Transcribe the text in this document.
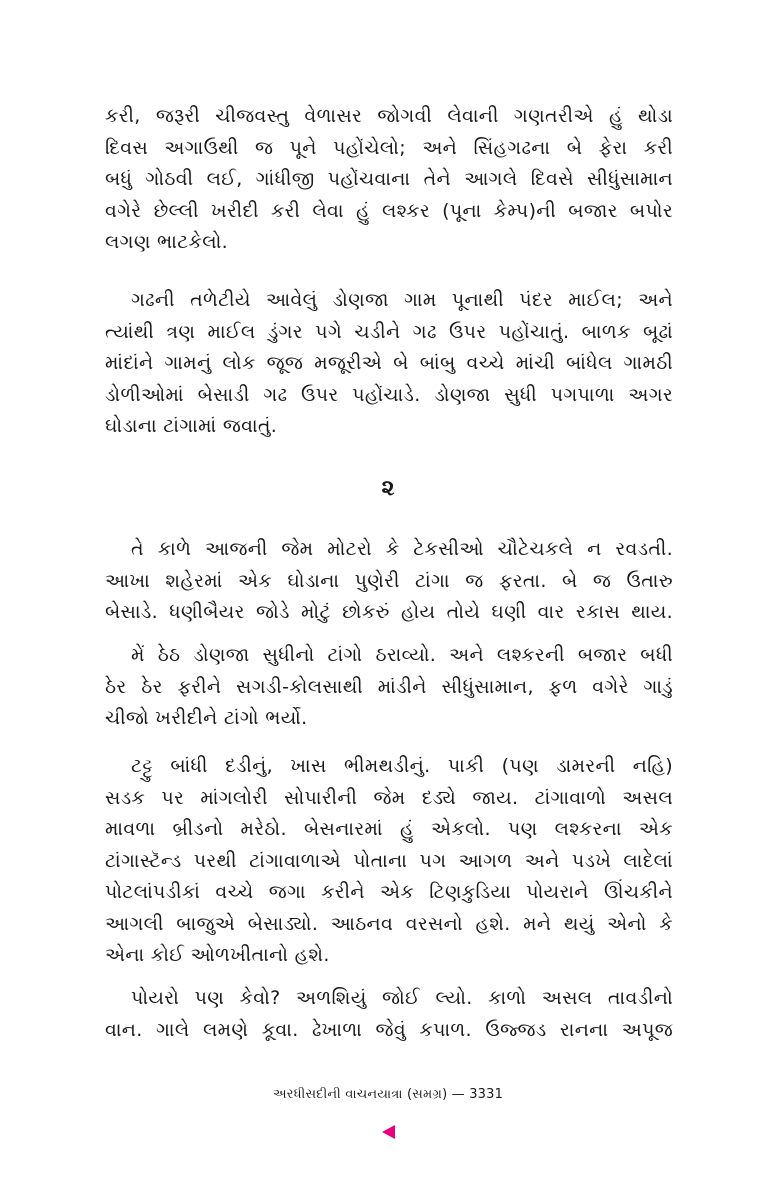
કરી, જરૂરી ચીજવસ્તુ વેળાસર જોગવી લેવાની ગણતરીએ હું થોડા
દિવસ અગાઉથી જ પૂને પહોંચેલો; અને સિંહગઢના બે ફેરા કરી
બધું ગોઠવી લઈ, ગાંધીજી પહોંચવાના તેને આગલે દિવસે સીધુંસામાન
વગેરે છેલ્લી ખરીદી કરી લેવા હું લશ્કર (પૂના કેમ્પ)ની બજાર બપોર
લગણ ભાટકેલો.
ગઢની તળેટીયે આવેલું ડોણજા ગામ પૂનાથી પંદર માઈલ; અને
ત્યાંથી ત્રણ માઈલ ડુંગર પગે ચડીને ગઢ ઉપર પહોંચાતું. બાળક બૂઢાં
માંદાંને ગામનું લોક જૂજ મજૂરીએ બે બાંબુ વચ્ચે માંચી બાંધેલ ગામઠી
ડોળીઓમાં બેસાડી ગઢ ઉપર પહોંચાડે. ડોણજા સુધી પગપાળા અગર
ઘોડાના ટાંગામાં જવાતું.
૨
તે કાળે આજની જેમ મોટરો કે ટેકસીઓ ચૌટેચકલે ન રવડતી.
આખા શહેરમાં એક ઘોડાના પુણેરી ટાંગા જ ફરતા. બે જ ઉતારુ
બેસાડે. ધણીબૈયર જોડે મોટું છોકરું હોય તોયે ઘણી વાર રકાસ થાય.
મેં ઠેઠ ડોણજા સુધીનો ટાંગો ઠરાવ્યો. અને લશ્કરની બજાર બધી
ઠેર ઠેર ફરીને સગડી-કોલસાથી માંડીને સીધુંસામાન, ફળ વગેરે ગાડું
ચીજો ખરીદીને ટાંગો ભર્યો.
ટટ્ટુ બાંધી દડીનું, ખાસ ભીમથડીનું. પાકી (પણ ડામરની નહિ)
સડક પર માંગલોરી સોપારીની જેમ દડ્યે જાય. ટાંગાવાળો અસલ
માવળા બ્રીડનો મરેઠો. બેસનારમાં હું એકલો. પણ લશ્કરના એક
ટાંગાસ્ટૅન્ડ પરથી ટાંગાવાળાએ પોતાના પગ આગળ અને પડખે લાદેલાં
પોટલાંપડીકાં વચ્ચે જગા કરીને એક ટિણકુડિયા પોયરાને ઊંચકીને
આગલી બાજુએ બેસાડ્યો. આઠનવ વરસનો હશે. મને થયું એનો કે
એના કોઈ ઓળખીતાનો હશે.
પોયરો પણ કેવો? અળશિયું જોઈ લ્યો. કાળો અસલ તાવડીનો
વાન. ગાલે લમણે કૂવા. ઢેખાળા જેવું કપાળ. ઉજ્જડ રાનના અપૂજ
અરધીસદીની વાચનયાત્રા (સમગ્ર) — 3331
